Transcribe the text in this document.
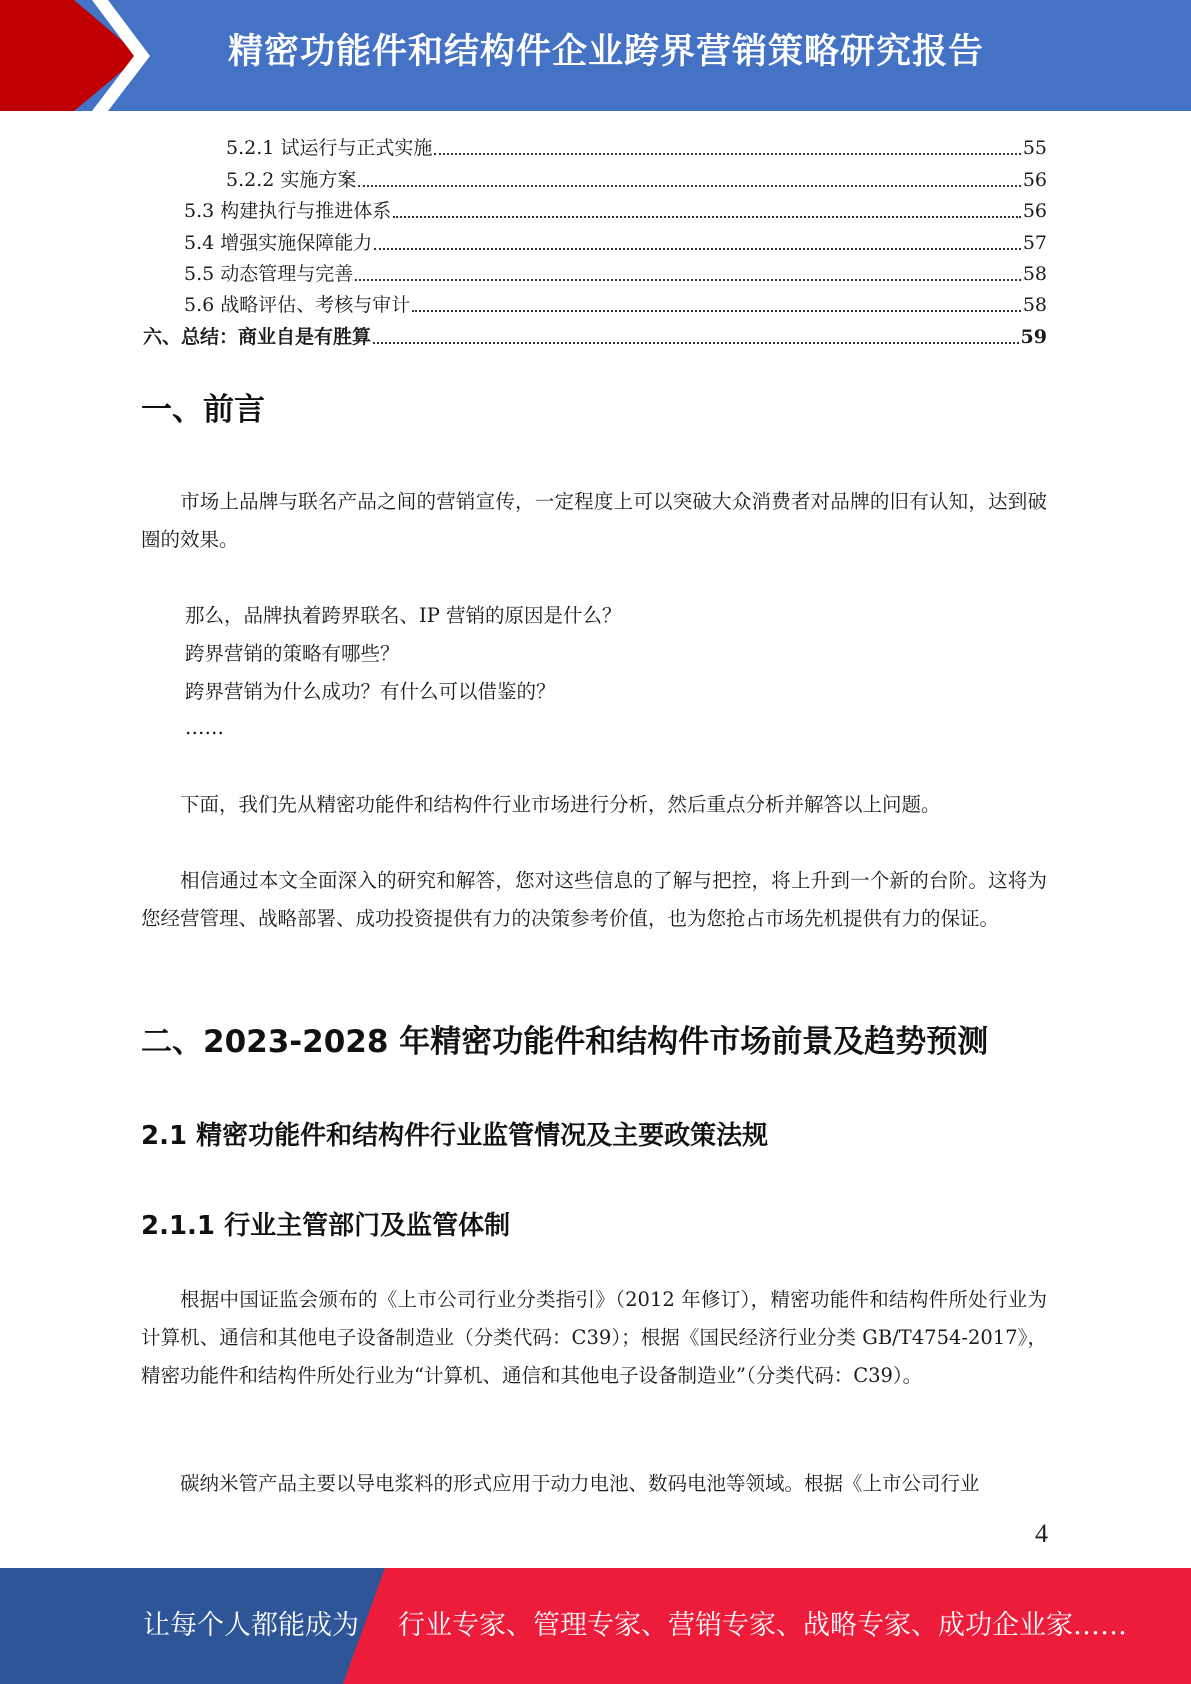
精密功能件和结构件企业跨界营销策略研究报告
5.2.1 试运行与正式实施	55
5.2.2 实施方案	56
5.3 构建执行与推进体系	56
5.4 增强实施保障能力	57
5.5 动态管理与完善	58
5.6 战略评估、考核与审计	58
六、总结：商业自是有胜算	59
一、前言

市场上品牌与联名产品之间的营销宣传，一定程度上可以突破大众消费者对品牌的旧有认知，达到破圈的效果。

那么，品牌执着跨界联名、IP 营销的原因是什么？

跨界营销的策略有哪些？

跨界营销为什么成功？有什么可以借鉴的？

……

下面，我们先从精密功能件和结构件行业市场进行分析，然后重点分析并解答以上问题。

相信通过本文全面深入的研究和解答，您对这些信息的了解与把控，将上升到一个新的台阶。这将为您经营管理、战略部署、成功投资提供有力的决策参考价值，也为您抢占市场先机提供有力的保证。

二、2023-2028 年精密功能件和结构件市场前景及趋势预测
2.1 精密功能件和结构件行业监管情况及主要政策法规
2.1.1 行业主管部门及监管体制

根据中国证监会颁布的《上市公司行业分类指引》（2012 年修订），精密功能件和结构件所处行业为计算机、通信和其他电子设备制造业（分类代码：C39）；根据《国民经济行业分类 GB/T4754-2017》，精密功能件和结构件所处行业为“计算机、通信和其他电子设备制造业”（分类代码：C39）。

碳纳米管产品主要以导电浆料的形式应用于动力电池、数码电池等领域。根据《上市公司行业

4

让每个人都能成为 行业专家、管理专家、营销专家、战略专家、成功企业家……
